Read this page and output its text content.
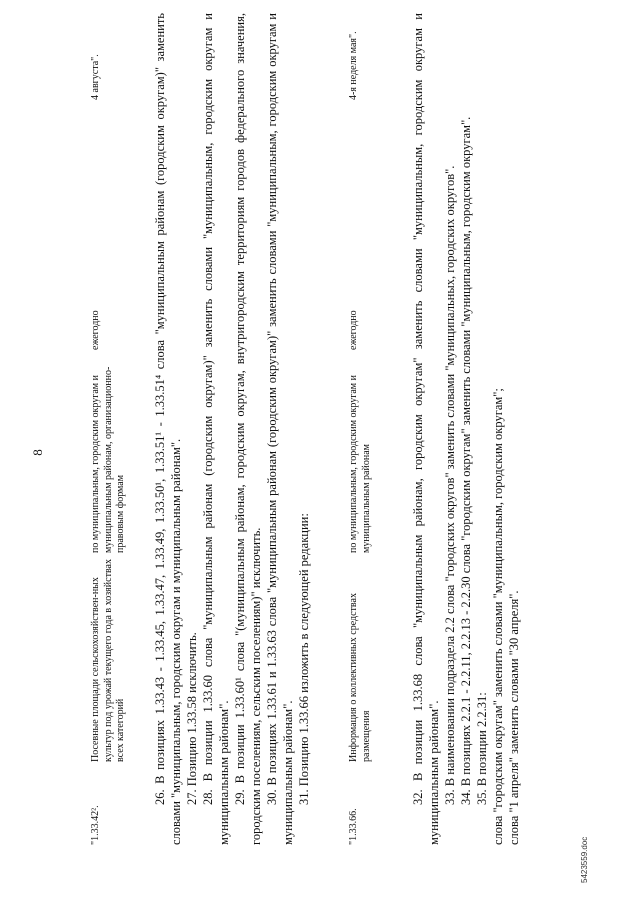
8
"1.33.42².
Посевные площади сельскохозяйствен-ных культур под урожай текущего года в хозяйствах всех категорий
по муниципальным, городским округам и муниципальным районам, организационно-правовым формам
ежегодно
4 августа".	26. В позициях 1.33.43 - 1.33.45, 1.33.47, 1.33.49, 1.33.50¹, 1.33.51¹ - 1.33.51⁴ слова "муниципальным районам (городским округам)" заменить словами "муниципальным, городским округам и муниципальным районам". 27. Позицию 1.33.58 исключить. 28. В позиции 1.33.60 слова "муниципальным районам (городским округам)" заменить словами "муниципальным, городским округам и муниципальным районам". 29. В позиции 1.33.60¹ слова "(муниципальным районам, городским округам, внутригородским территориям городов федерального значения, городским поселениям, сельским поселениям)" исключить. 30. В позициях 1.33.61 и 1.33.63 слова "муниципальным районам (городским округам)" заменить словами "муниципальным, городским округам и муниципальным районам". 31. Позицию 1.33.66 изложить в следующей редакции:

"1.33.66.
Информация о коллективных средствах размещения
по муниципальным, городским округам и муниципальным районам
ежегодно
4-я неделя мая".	32. В позиции 1.33.68 слова "муниципальным районам, городским округам" заменить словами "муниципальным, городским округам и муниципальным районам". 33. В наименовании подраздела 2.2 слова "городских округов" заменить словами "муниципальных, городских округов". 34. В позициях 2.2.1 - 2.2.11, 2.2.13 - 2.2.30 слова "городским округам" заменить словами "муниципальным, городским округам". 35. В позиции 2.2.31: слова "городским округам" заменить словами "муниципальным, городским округам"; слова "1 апреля" заменить словами "30 апреля".

5423559.doc
